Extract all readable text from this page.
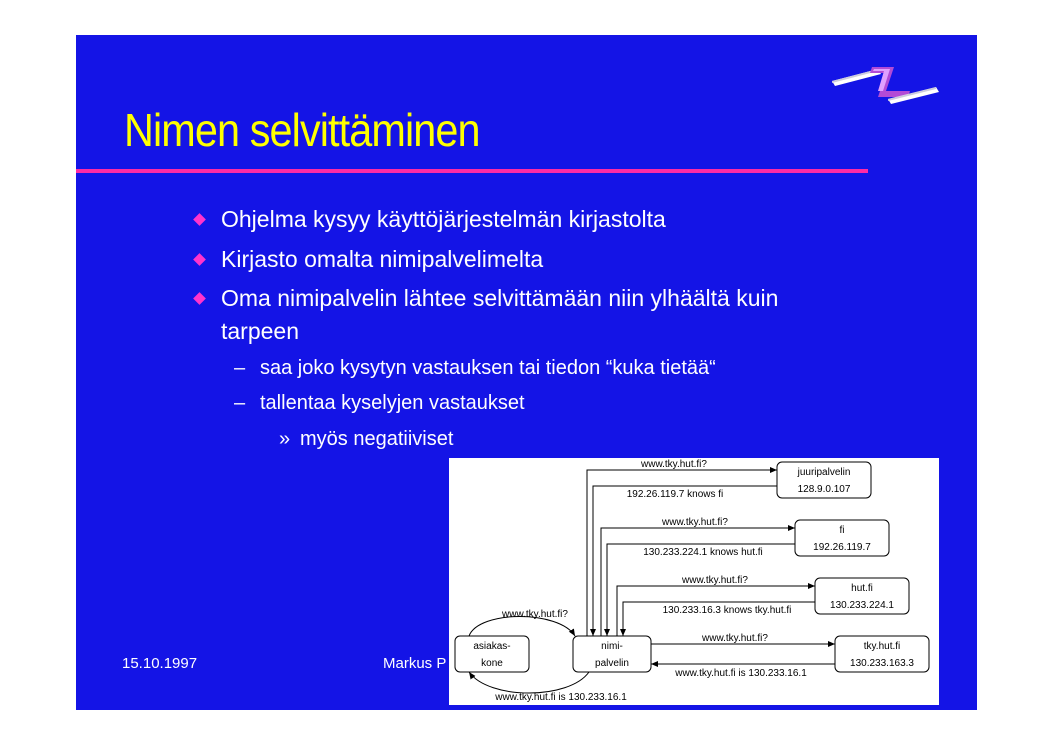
Nimen selvittäminen
Ohjelma kysyy käyttöjärjestelmän kirjastolta
Kirjasto omalta nimipalvelimelta
Oma nimipalvelin lähtee selvittämään niin ylhäältä kuin
tarpeen
– saa joko kysytyn vastauksen tai tiedon “kuka tietää“
– tallentaa kyselyjen vastaukset
» myös negatiiviset
15.10.1997	Markus P
juuripalvelin
128.9.0.107
fi
192.26.119.7
hut.fi
130.233.224.1
tky.hut.fi
130.233.163.3
asiakas-
kone
nimi-
palvelin
www.tky.hut.fi?
192.26.119.7 knows fi
www.tky.hut.fi?
130.233.224.1 knows hut.fi
www.tky.hut.fi?
130.233.16.3 knows tky.hut.fi
www.tky.hut.fi?
www.tky.hut.fi is 130.233.16.1
www.tky.hut.fi?
www.tky.hut.fi is 130.233.16.1
